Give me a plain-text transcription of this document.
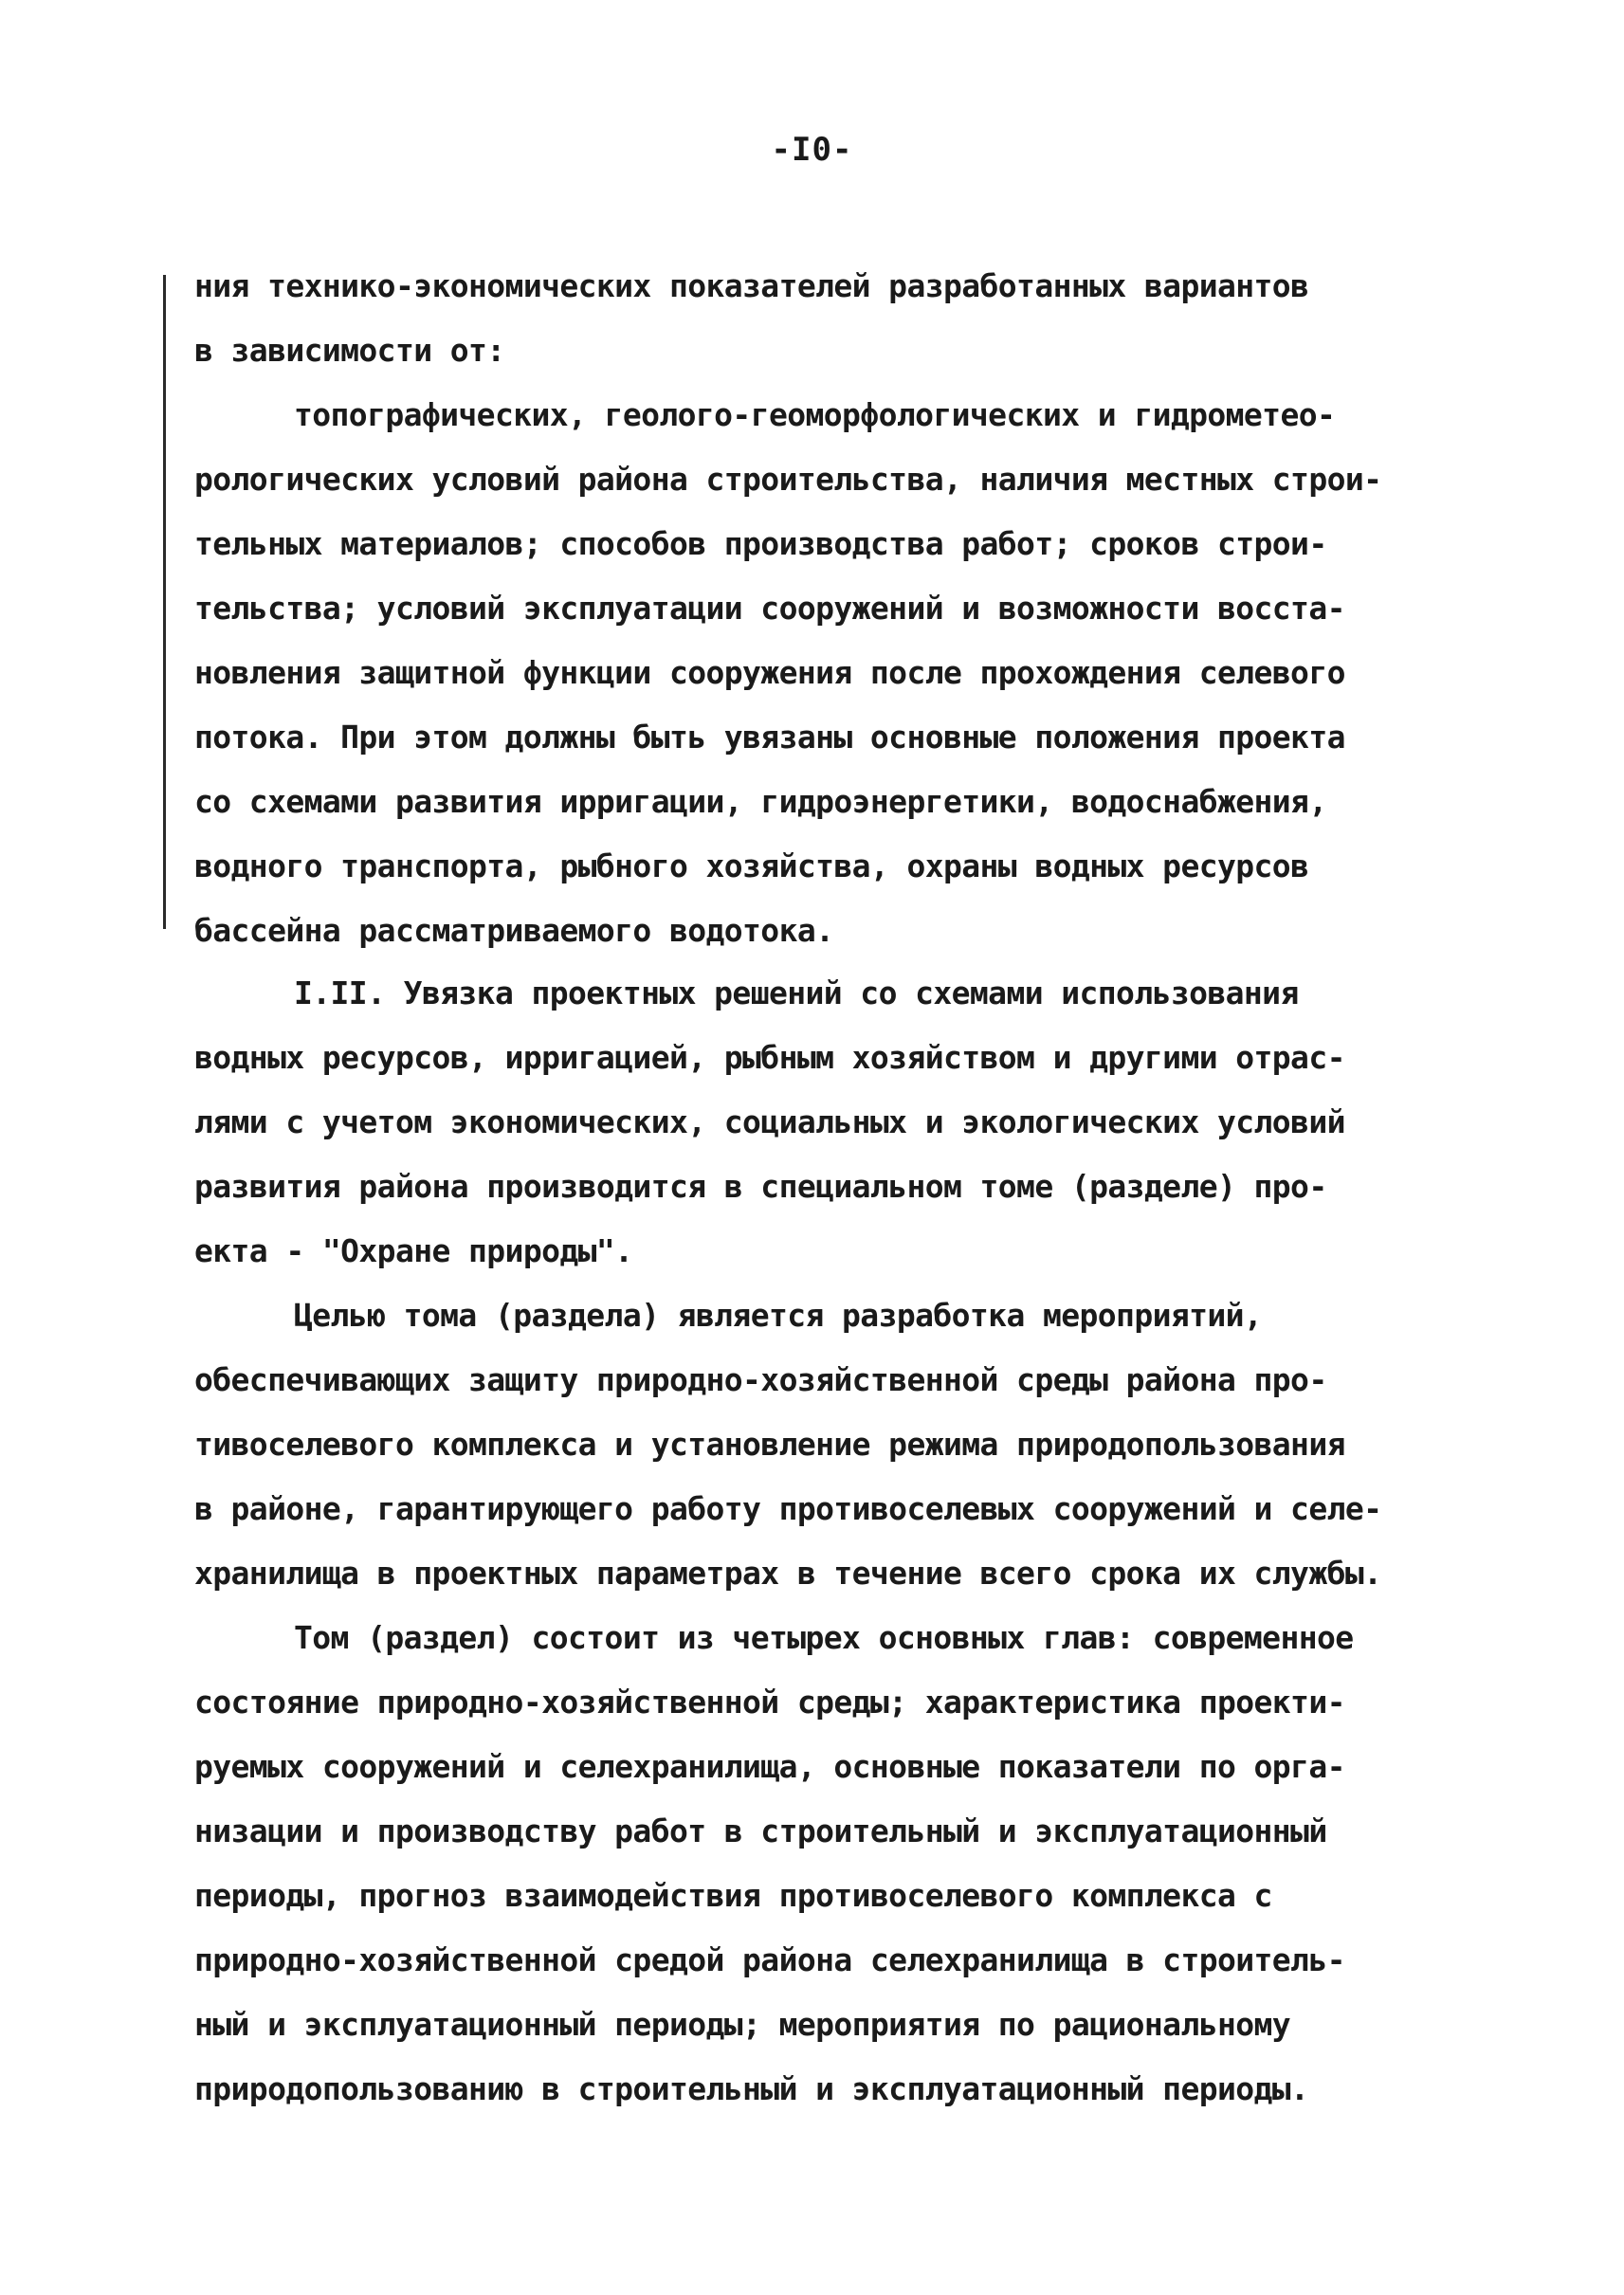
-I0-
ния технико-экономических показателей разработанных вариантов
в зависимости от:
топографических, геолого-геоморфологических и гидрометео-
рологических условий района строительства, наличия местных строи-
тельных материалов; способов производства работ; сроков строи-
тельства; условий эксплуатации сооружений и возможности восста-
новления защитной функции сооружения после прохождения селевого
потока. При этом должны быть увязаны основные положения проекта
со схемами развития ирригации, гидроэнергетики, водоснабжения,
водного транспорта, рыбного хозяйства, охраны водных ресурсов
бассейна рассматриваемого водотока.
I.II. Увязка проектных решений со схемами использования
водных ресурсов, ирригацией, рыбным хозяйством и другими отрас-
лями с учетом экономических, социальных и экологических условий
развития района производится в специальном томе (разделе) про-
екта - "Охране природы".
Целью тома (раздела) является разработка мероприятий,
обеспечивающих защиту природно-хозяйственной среды района про-
тивоселевого комплекса и установление режима природопользования
в районе, гарантирующего работу противоселевых сооружений и селе-
хранилища в проектных параметрах в течение всего срока их службы.
Том (раздел) состоит из четырех основных глав: современное
состояние природно-хозяйственной среды; характеристика проекти-
руемых сооружений и селехранилища, основные показатели по орга-
низации и производству работ в строительный и эксплуатационный
периоды, прогноз взаимодействия противоселевого комплекса с
природно-хозяйственной средой района селехранилища в строитель-
ный и эксплуатационный периоды; мероприятия по рациональному
природопользованию в строительный и эксплуатационный периоды.
